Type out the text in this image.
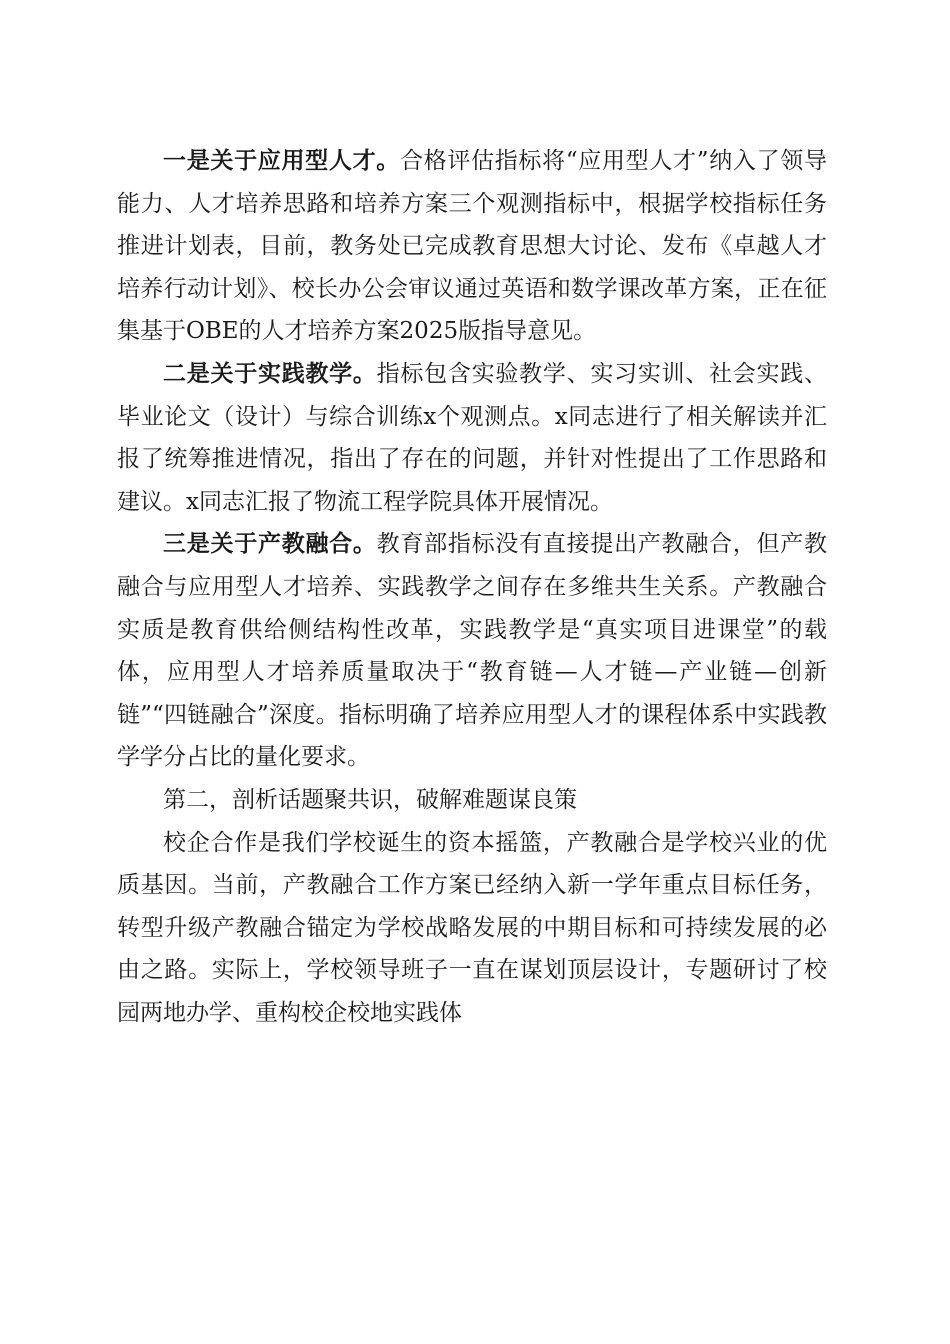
一是关于应用型人才。合格评估指标将“应用型人才”纳入了领导能力、人才培养思路和培养方案三个观测指标中，根据学校指标任务推进计划表，目前，教务处已完成教育思想大讨论、发布《卓越人才培养行动计划》、校长办公会审议通过英语和数学课改革方案，正在征集基于OBE的人才培养方案2025版指导意见。

二是关于实践教学。指标包含实验教学、实习实训、社会实践、毕业论文（设计）与综合训练x个观测点。x同志进行了相关解读并汇报了统筹推进情况，指出了存在的问题，并针对性提出了工作思路和建议。x同志汇报了物流工程学院具体开展情况。

三是关于产教融合。教育部指标没有直接提出产教融合，但产教融合与应用型人才培养、实践教学之间存在多维共生关系。产教融合实质是教育供给侧结构性改革，实践教学是“真实项目进课堂”的载体，应用型人才培养质量取决于“教育链—人才链—产业链—创新链”“四链融合”深度。指标明确了培养应用型人才的课程体系中实践教学学分占比的量化要求。

第二，剖析话题聚共识，破解难题谋良策

校企合作是我们学校诞生的资本摇篮，产教融合是学校兴业的优质基因。当前，产教融合工作方案已经纳入新一学年重点目标任务，转型升级产教融合锚定为学校战略发展的中期目标和可持续发展的必由之路。实际上，学校领导班子一直在谋划顶层设计，专题研讨了校园两地办学、重构校企校地实践体
